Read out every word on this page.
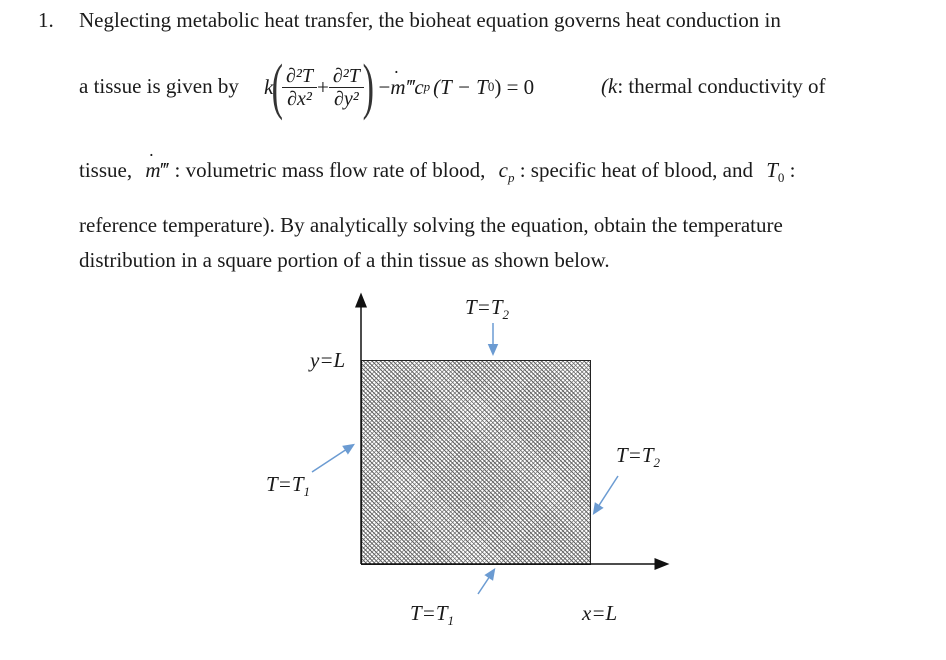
1. Neglecting metabolic heat transfer, the bioheat equation governs heat conduction in
a tissue is given by k
( $\frac{\text{∂²T}}{\text{∂x²}} + \frac{\text{∂²T}}{\text{∂y²}}$ ) − m · ‴c p (T − T 0 ) = 0	(k: thermal conductivity of
tissue, m ·‴ : volumetric mass flow rate of blood, $c_p$ : specific heat of blood, and $T_0$ :
reference temperature). By analytically solving the equation, obtain the temperature
distribution in a square portion of a thin tissue as shown below.
$T=T_2$
y=L
$T=T_2$
$T=T_1$
$T=T_1$	x=L
